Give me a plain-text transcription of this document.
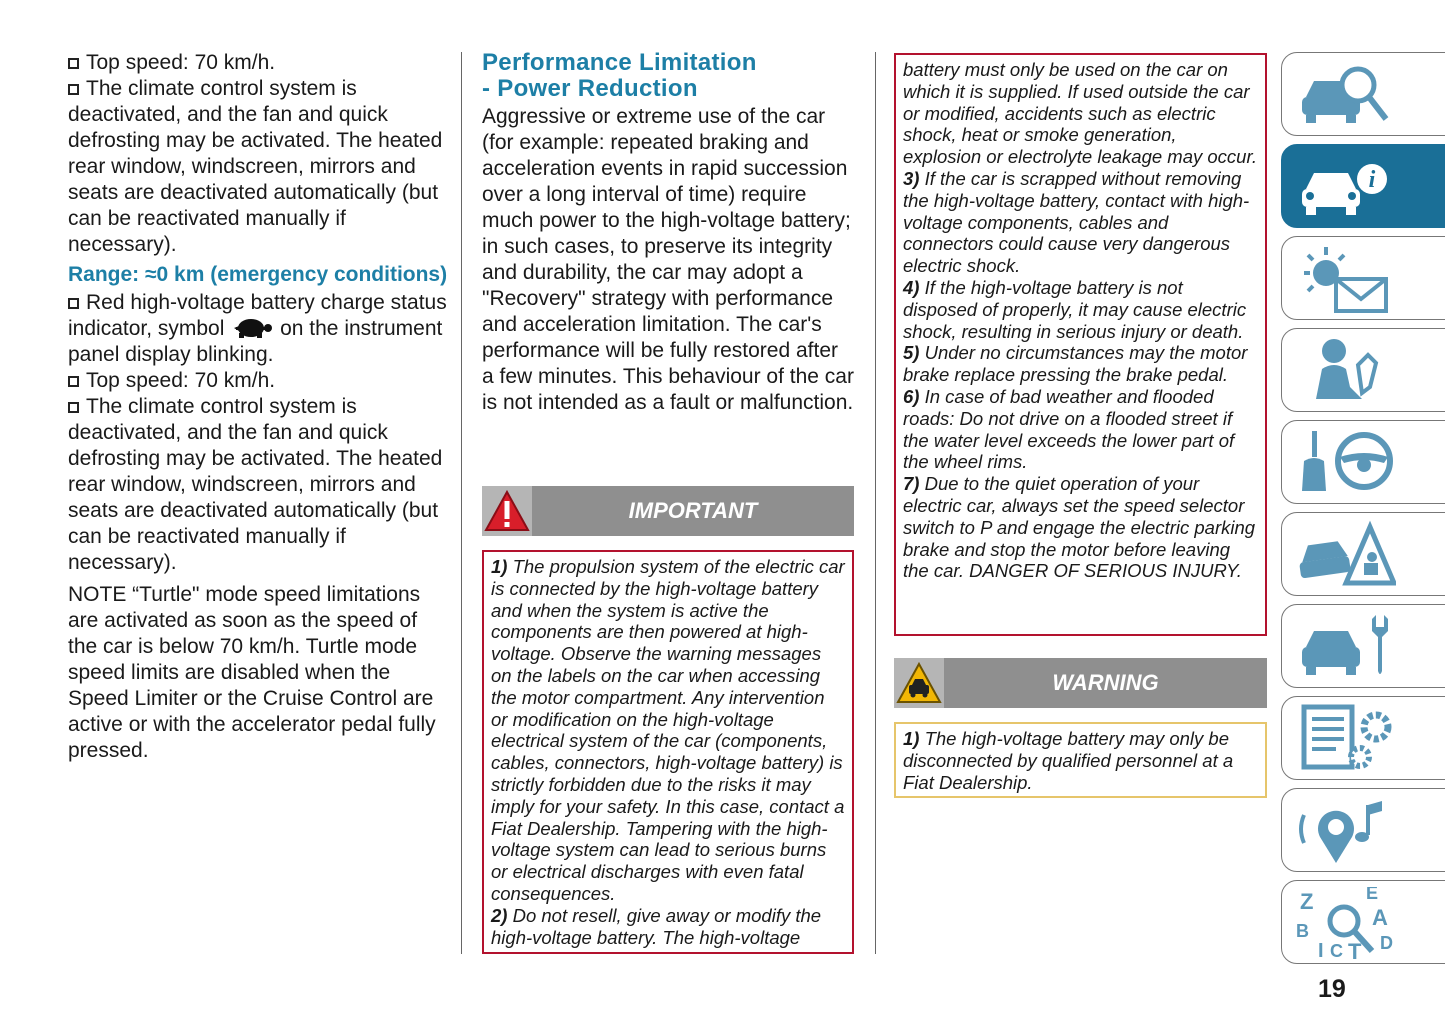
Top speed: 70 km/h.

The climate control system is deactivated, and the fan and quick defrosting may be activated. The heated rear window, windscreen, mirrors and seats are deactivated automatically (but can be reactivated manually if necessary).

Range: ≈0 km (emergency conditions)

Red high-voltage battery charge status indicator, symbol	on the instrument panel display blinking.

Top speed: 70 km/h.

The climate control system is deactivated, and the fan and quick defrosting may be activated. The heated rear window, windscreen, mirrors and seats are deactivated automatically (but can be reactivated manually if necessary).

NOTE “Turtle" mode speed limitations are activated as soon as the speed of the car is below 70 km/h. Turtle mode speed limits are disabled when the Speed Limiter or the Cruise Control are active or with the accelerator pedal fully pressed.

Performance Limitation

- Power Reduction

Aggressive or extreme use of the car (for example: repeated braking and acceleration events in rapid succession over a long interval of time) require much power to the high-voltage battery; in such cases, to preserve its integrity and durability, the car may adopt a "Recovery" strategy with performance and acceleration limitation. The car's performance will be fully restored after a few minutes. This behaviour of the car is not intended as a fault or malfunction.

IMPORTANT

1) The propulsion system of the electric car is connected by the high-voltage battery and when the system is active the components are then powered at high-voltage. Observe the warning messages on the labels on the car when accessing the motor compartment. Any intervention or modification on the high-voltage electrical system of the car (components, cables, connectors, high-voltage battery) is strictly forbidden due to the risks it may imply for your safety. In this case, contact a Fiat Dealership. Tampering with the high-voltage system can lead to serious burns or electrical discharges with even fatal consequences.

2) Do not resell, give away or modify the high-voltage battery. The high-voltage

battery must only be used on the car on which it is supplied. If used outside the car or modified, accidents such as electric shock, heat or smoke generation, explosion or electrolyte leakage may occur.

3) If the car is scrapped without removing the high-voltage battery, contact with high-voltage components, cables and connectors could cause very dangerous electric shock.

4) If the high-voltage battery is not disposed of properly, it may cause electric shock, resulting in serious injury or death.

5) Under no circumstances may the motor brake replace pressing the brake pedal.

6) In case of bad weather and flooded roads: Do not drive on a flooded street if the water level exceeds the lower part of the wheel rims.

7) Due to the quiet operation of your electric car, always set the speed selector switch to P and engage the electric parking brake and stop the motor before leaving the car. DANGER OF SERIOUS INJURY.

WARNING

1) The high-voltage battery may only be disconnected by qualified personnel at a Fiat Dealership.

i
Z	E
A
B
D
I C T
19
